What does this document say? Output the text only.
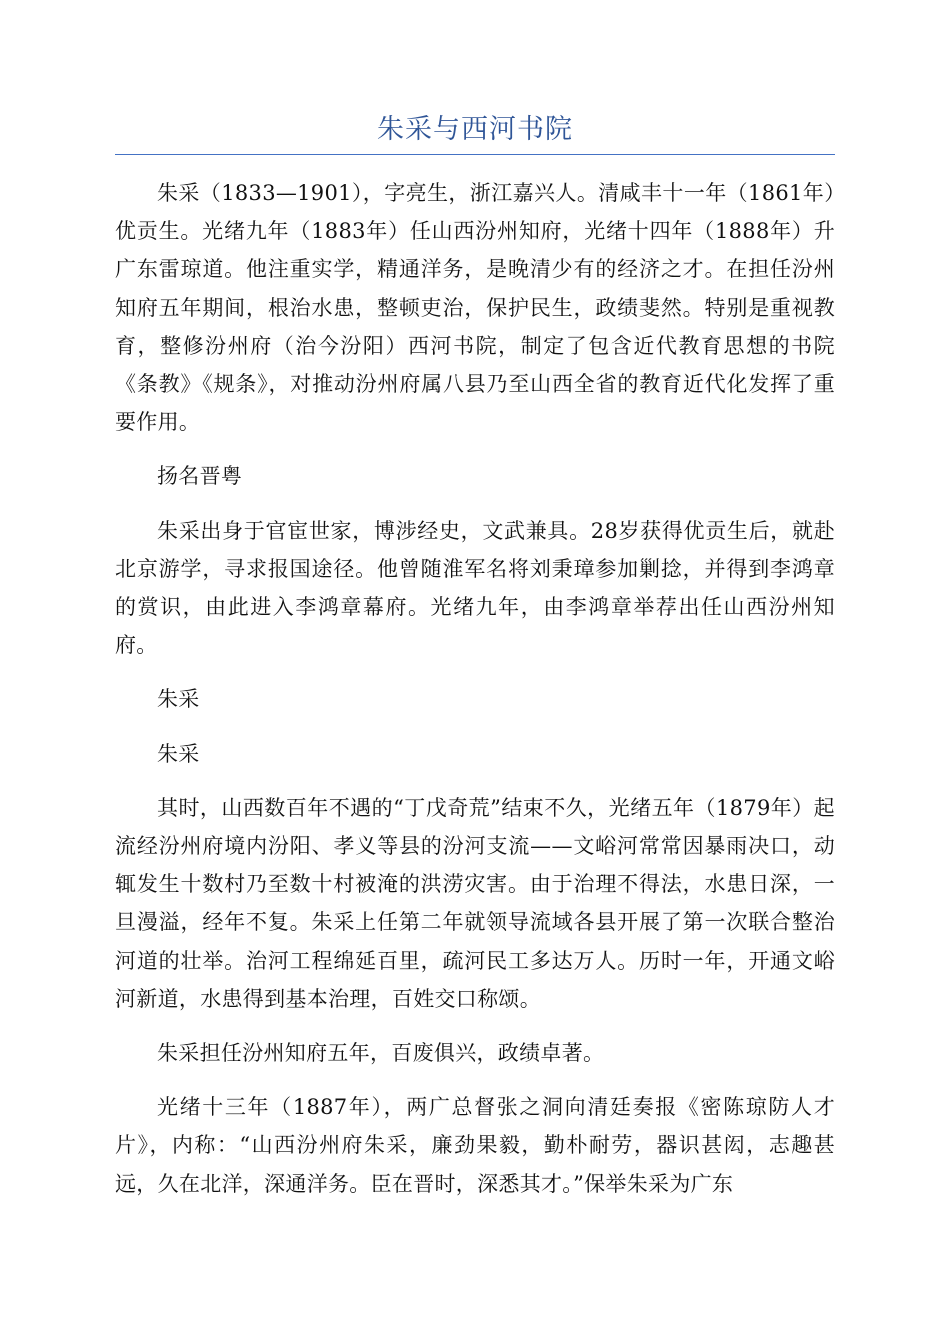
朱采与西河书院

朱采（1833—1901），字亮生，浙江嘉兴人。清咸丰十一年（1861年）优贡生。光绪九年（1883年）任山西汾州知府，光绪十四年（1888年）升广东雷琼道。他注重实学，精通洋务，是晚清少有的经济之才。在担任汾州知府五年期间，根治水患，整顿吏治，保护民生，政绩斐然。特别是重视教育，整修汾州府（治今汾阳）西河书院，制定了包含近代教育思想的书院《条教》《规条》，对推动汾州府属八县乃至山西全省的教育近代化发挥了重要作用。

扬名晋粤

朱采出身于官宦世家，博涉经史，文武兼具。28岁获得优贡生后，就赴北京游学，寻求报国途径。他曾随淮军名将刘秉璋参加剿捻，并得到李鸿章的赏识，由此进入李鸿章幕府。光绪九年，由李鸿章举荐出任山西汾州知府。

朱采

朱采

其时，山西数百年不遇的“丁戊奇荒”结束不久，光绪五年（1879年）起流经汾州府境内汾阳、孝义等县的汾河支流——文峪河常常因暴雨决口，动辄发生十数村乃至数十村被淹的洪涝灾害。由于治理不得法，水患日深，一旦漫溢，经年不复。朱采上任第二年就领导流域各县开展了第一次联合整治河道的壮举。治河工程绵延百里，疏河民工多达万人。历时一年，开通文峪河新道，水患得到基本治理，百姓交口称颂。

朱采担任汾州知府五年，百废俱兴，政绩卓著。

光绪十三年（1887年），两广总督张之洞向清廷奏报《密陈琼防人才片》，内称：“山西汾州府朱采，廉劲果毅，勤朴耐劳，器识甚闳，志趣甚远，久在北洋，深通洋务。臣在晋时，深悉其才。”保举朱采为广东
